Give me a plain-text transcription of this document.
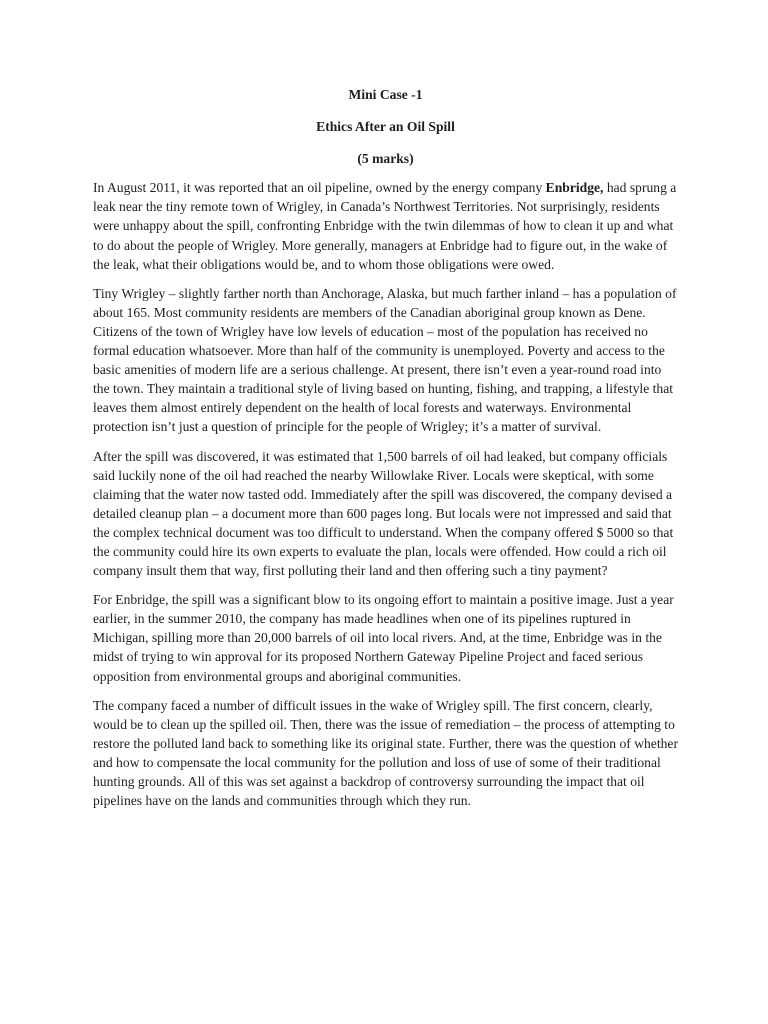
Mini Case -1

Ethics After an Oil Spill

(5 marks)

In August 2011, it was reported that an oil pipeline, owned by the energy company Enbridge, had sprung a leak near the tiny remote town of Wrigley, in Canada’s Northwest Territories. Not surprisingly, residents were unhappy about the spill, confronting Enbridge with the twin dilemmas of how to clean it up and what to do about the people of Wrigley. More generally, managers at Enbridge had to figure out, in the wake of the leak, what their obligations would be, and to whom those obligations were owed.

Tiny Wrigley – slightly farther north than Anchorage, Alaska, but much farther inland – has a population of about 165. Most community residents are members of the Canadian aboriginal group known as Dene. Citizens of the town of Wrigley have low levels of education – most of the population has received no formal education whatsoever. More than half of the community is unemployed. Poverty and access to the basic amenities of modern life are a serious challenge. At present, there isn’t even a year-round road into the town. They maintain a traditional style of living based on hunting, fishing, and trapping, a lifestyle that leaves them almost entirely dependent on the health of local forests and waterways. Environmental protection isn’t just a question of principle for the people of Wrigley; it’s a matter of survival.

After the spill was discovered, it was estimated that 1,500 barrels of oil had leaked, but company officials said luckily none of the oil had reached the nearby Willowlake River. Locals were skeptical, with some claiming that the water now tasted odd. Immediately after the spill was discovered, the company devised a detailed cleanup plan – a document more than 600 pages long. But locals were not impressed and said that the complex technical document was too difficult to understand. When the company offered $ 5000 so that the community could hire its own experts to evaluate the plan, locals were offended. How could a rich oil company insult them that way, first polluting their land and then offering such a tiny payment?

For Enbridge, the spill was a significant blow to its ongoing effort to maintain a positive image. Just a year earlier, in the summer 2010, the company has made headlines when one of its pipelines ruptured in Michigan, spilling more than 20,000 barrels of oil into local rivers. And, at the time, Enbridge was in the midst of trying to win approval for its proposed Northern Gateway Pipeline Project and faced serious opposition from environmental groups and aboriginal communities.

The company faced a number of difficult issues in the wake of Wrigley spill. The first concern, clearly, would be to clean up the spilled oil. Then, there was the issue of remediation – the process of attempting to restore the polluted land back to something like its original state. Further, there was the question of whether and how to compensate the local community for the pollution and loss of use of some of their traditional hunting grounds. All of this was set against a backdrop of controversy surrounding the impact that oil pipelines have on the lands and communities through which they run.
